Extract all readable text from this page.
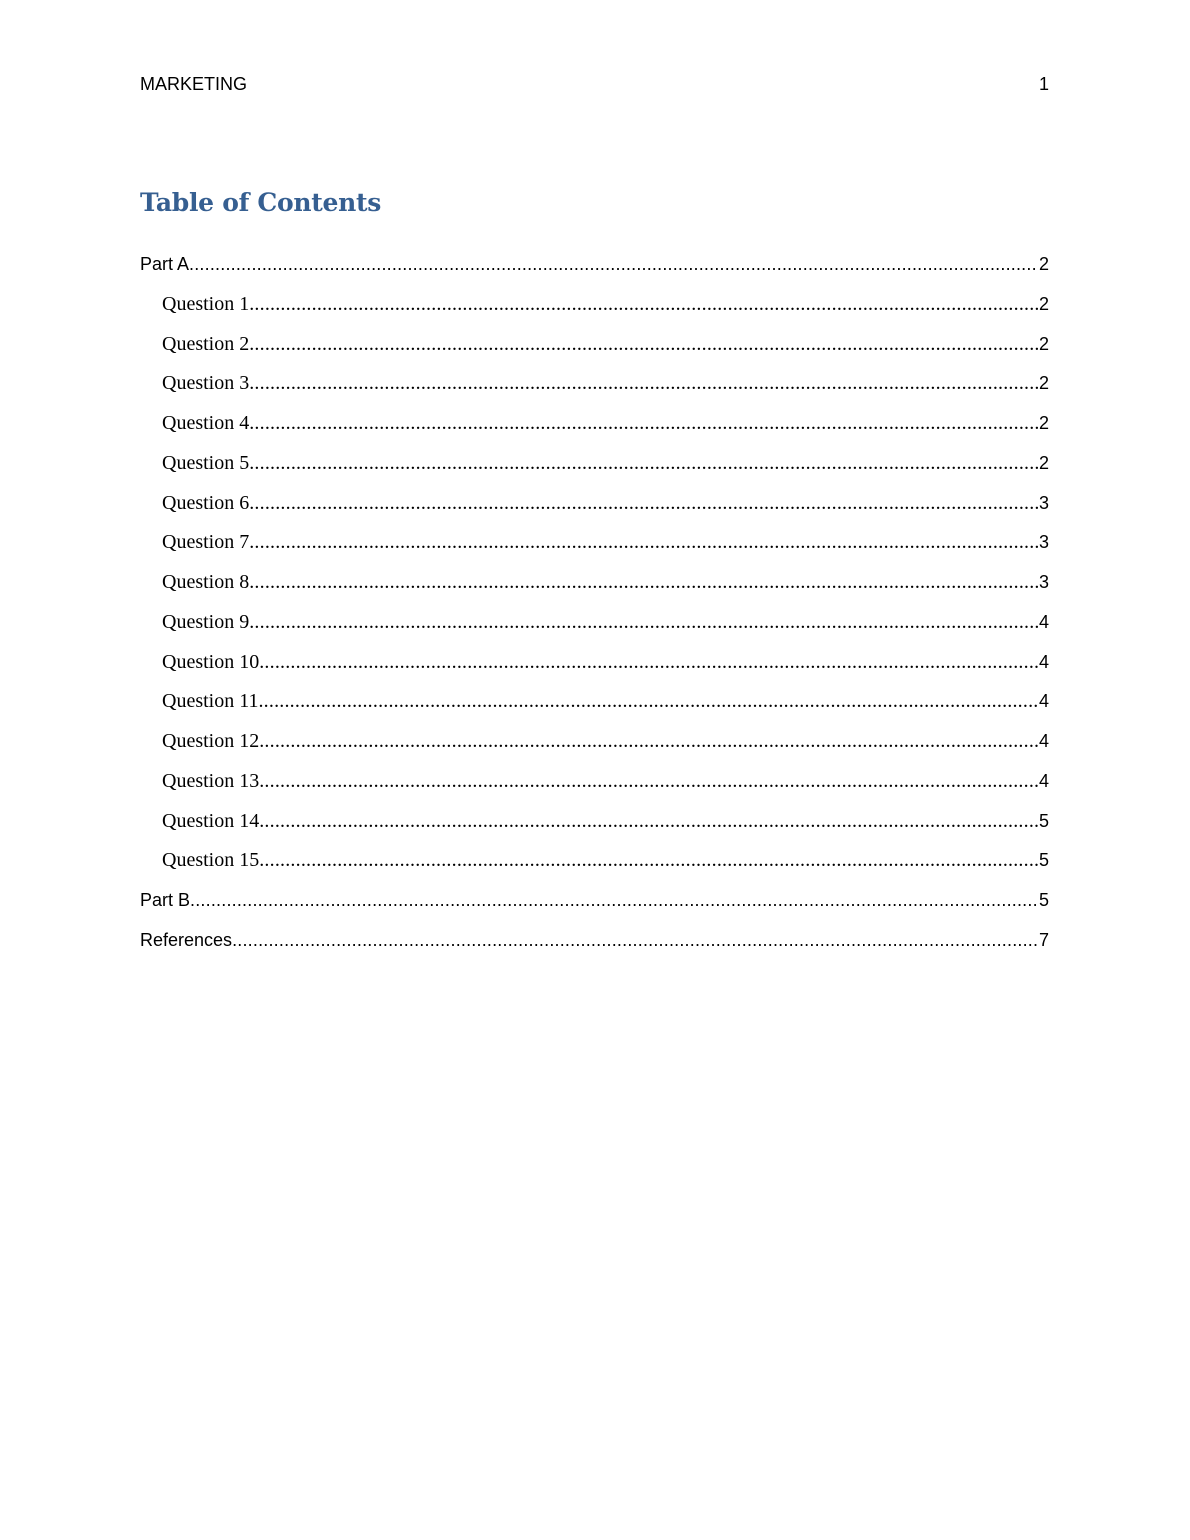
MARKETING	1
Table of Contents
Part A .....	2
Question 1 .....	2
Question 2 .....	2
Question 3 .....	2
Question 4 .....	2
Question 5 .....	2
Question 6 .....	3
Question 7 .....	3
Question 8 .....	3
Question 9 .....	4
Question 10 .....	4
Question 11 .....	4
Question 12 .....	4
Question 13 .....	4
Question 14 .....	5
Question 15 .....	5
Part B .....	5
References .....	7
